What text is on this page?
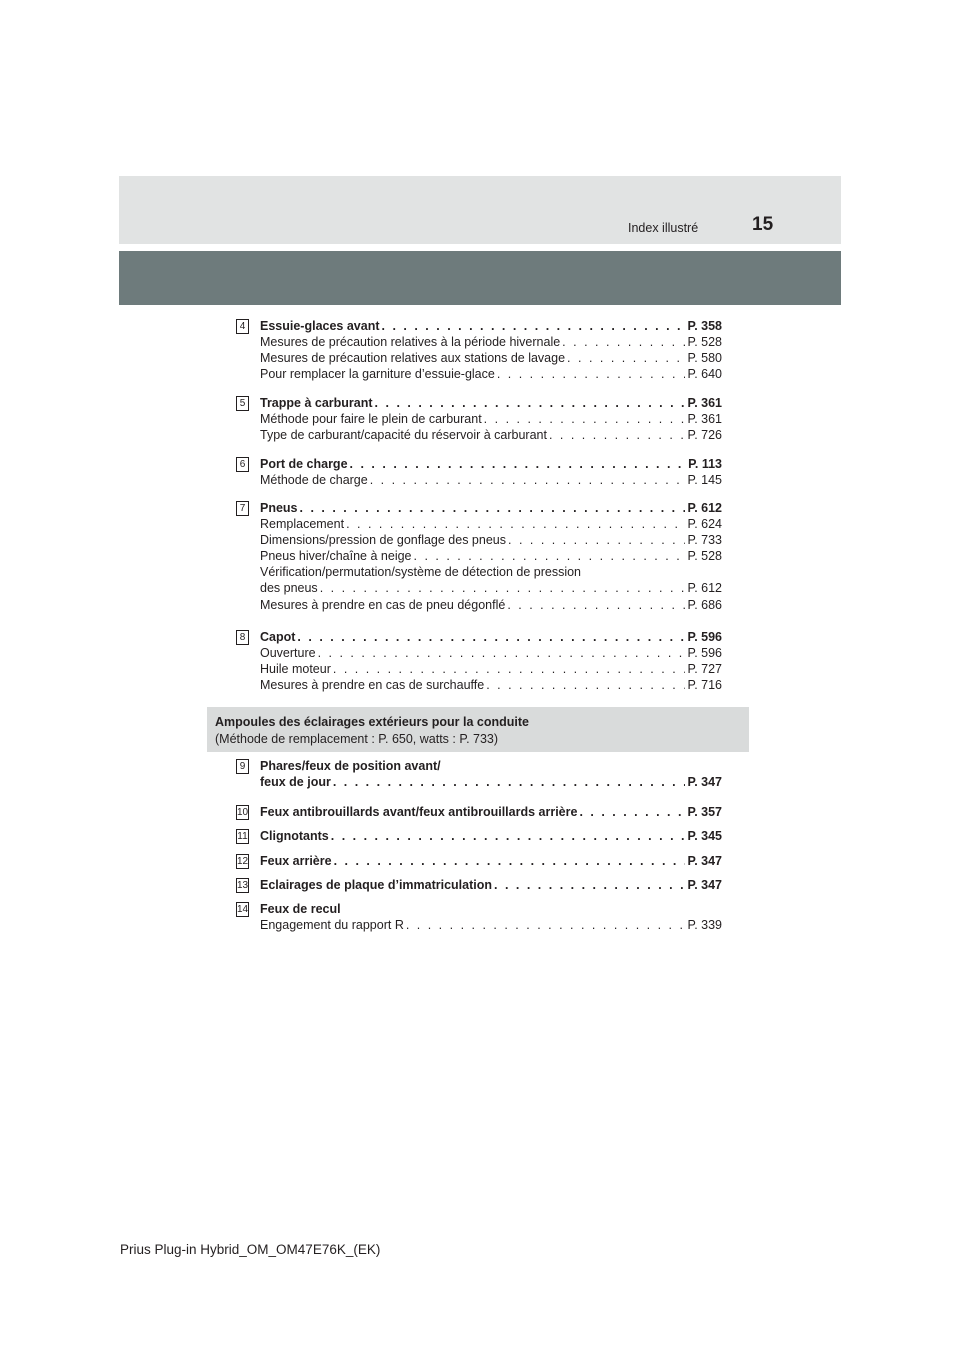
Index illustré	15
Ampoules des éclairages extérieurs pour la conduite
(Méthode de remplacement : P. 650, watts : P. 733)
4 Essuie-glaces avant . . .	P. 358
Mesures de précaution relatives à la période hivernale . . .	P. 528
Mesures de précaution relatives aux stations de lavage . . .	P. 580
Pour remplacer la garniture d’essuie-glace . . .	P. 640
5 Trappe à carburant . . .	P. 361
Méthode pour faire le plein de carburant . . .	P. 361
Type de carburant/capacité du réservoir à carburant . . .	P. 726
6 Port de charge . . .	P. 113
Méthode de charge . . .	P. 145
7 Pneus . . .	P. 612
Remplacement . . .	P. 624
Dimensions/pression de gonflage des pneus . . .	P. 733
Pneus hiver/chaîne à neige . . .	P. 528
Vérification/permutation/système de détection de pression
des pneus . . .	P. 612
Mesures à prendre en cas de pneu dégonflé . . .	P. 686
8 Capot . . .	P. 596
Ouverture . . .	P. 596
Huile moteur . . .	P. 727
Mesures à prendre en cas de surchauffe . . .	P. 716
9 Phares/feux de position avant/
feux de jour . . .	P. 347
10 Feux antibrouillards avant/feux antibrouillards arrière . . .	P. 357
11 Clignotants . . .	P. 345
12 Feux arrière . . .	P. 347
13 Eclairages de plaque d’immatriculation . . .	P. 347
14 Feux de recul
Engagement du rapport R . . .	P. 339
Prius Plug-in Hybrid_OM_OM47E76K_(EK)
